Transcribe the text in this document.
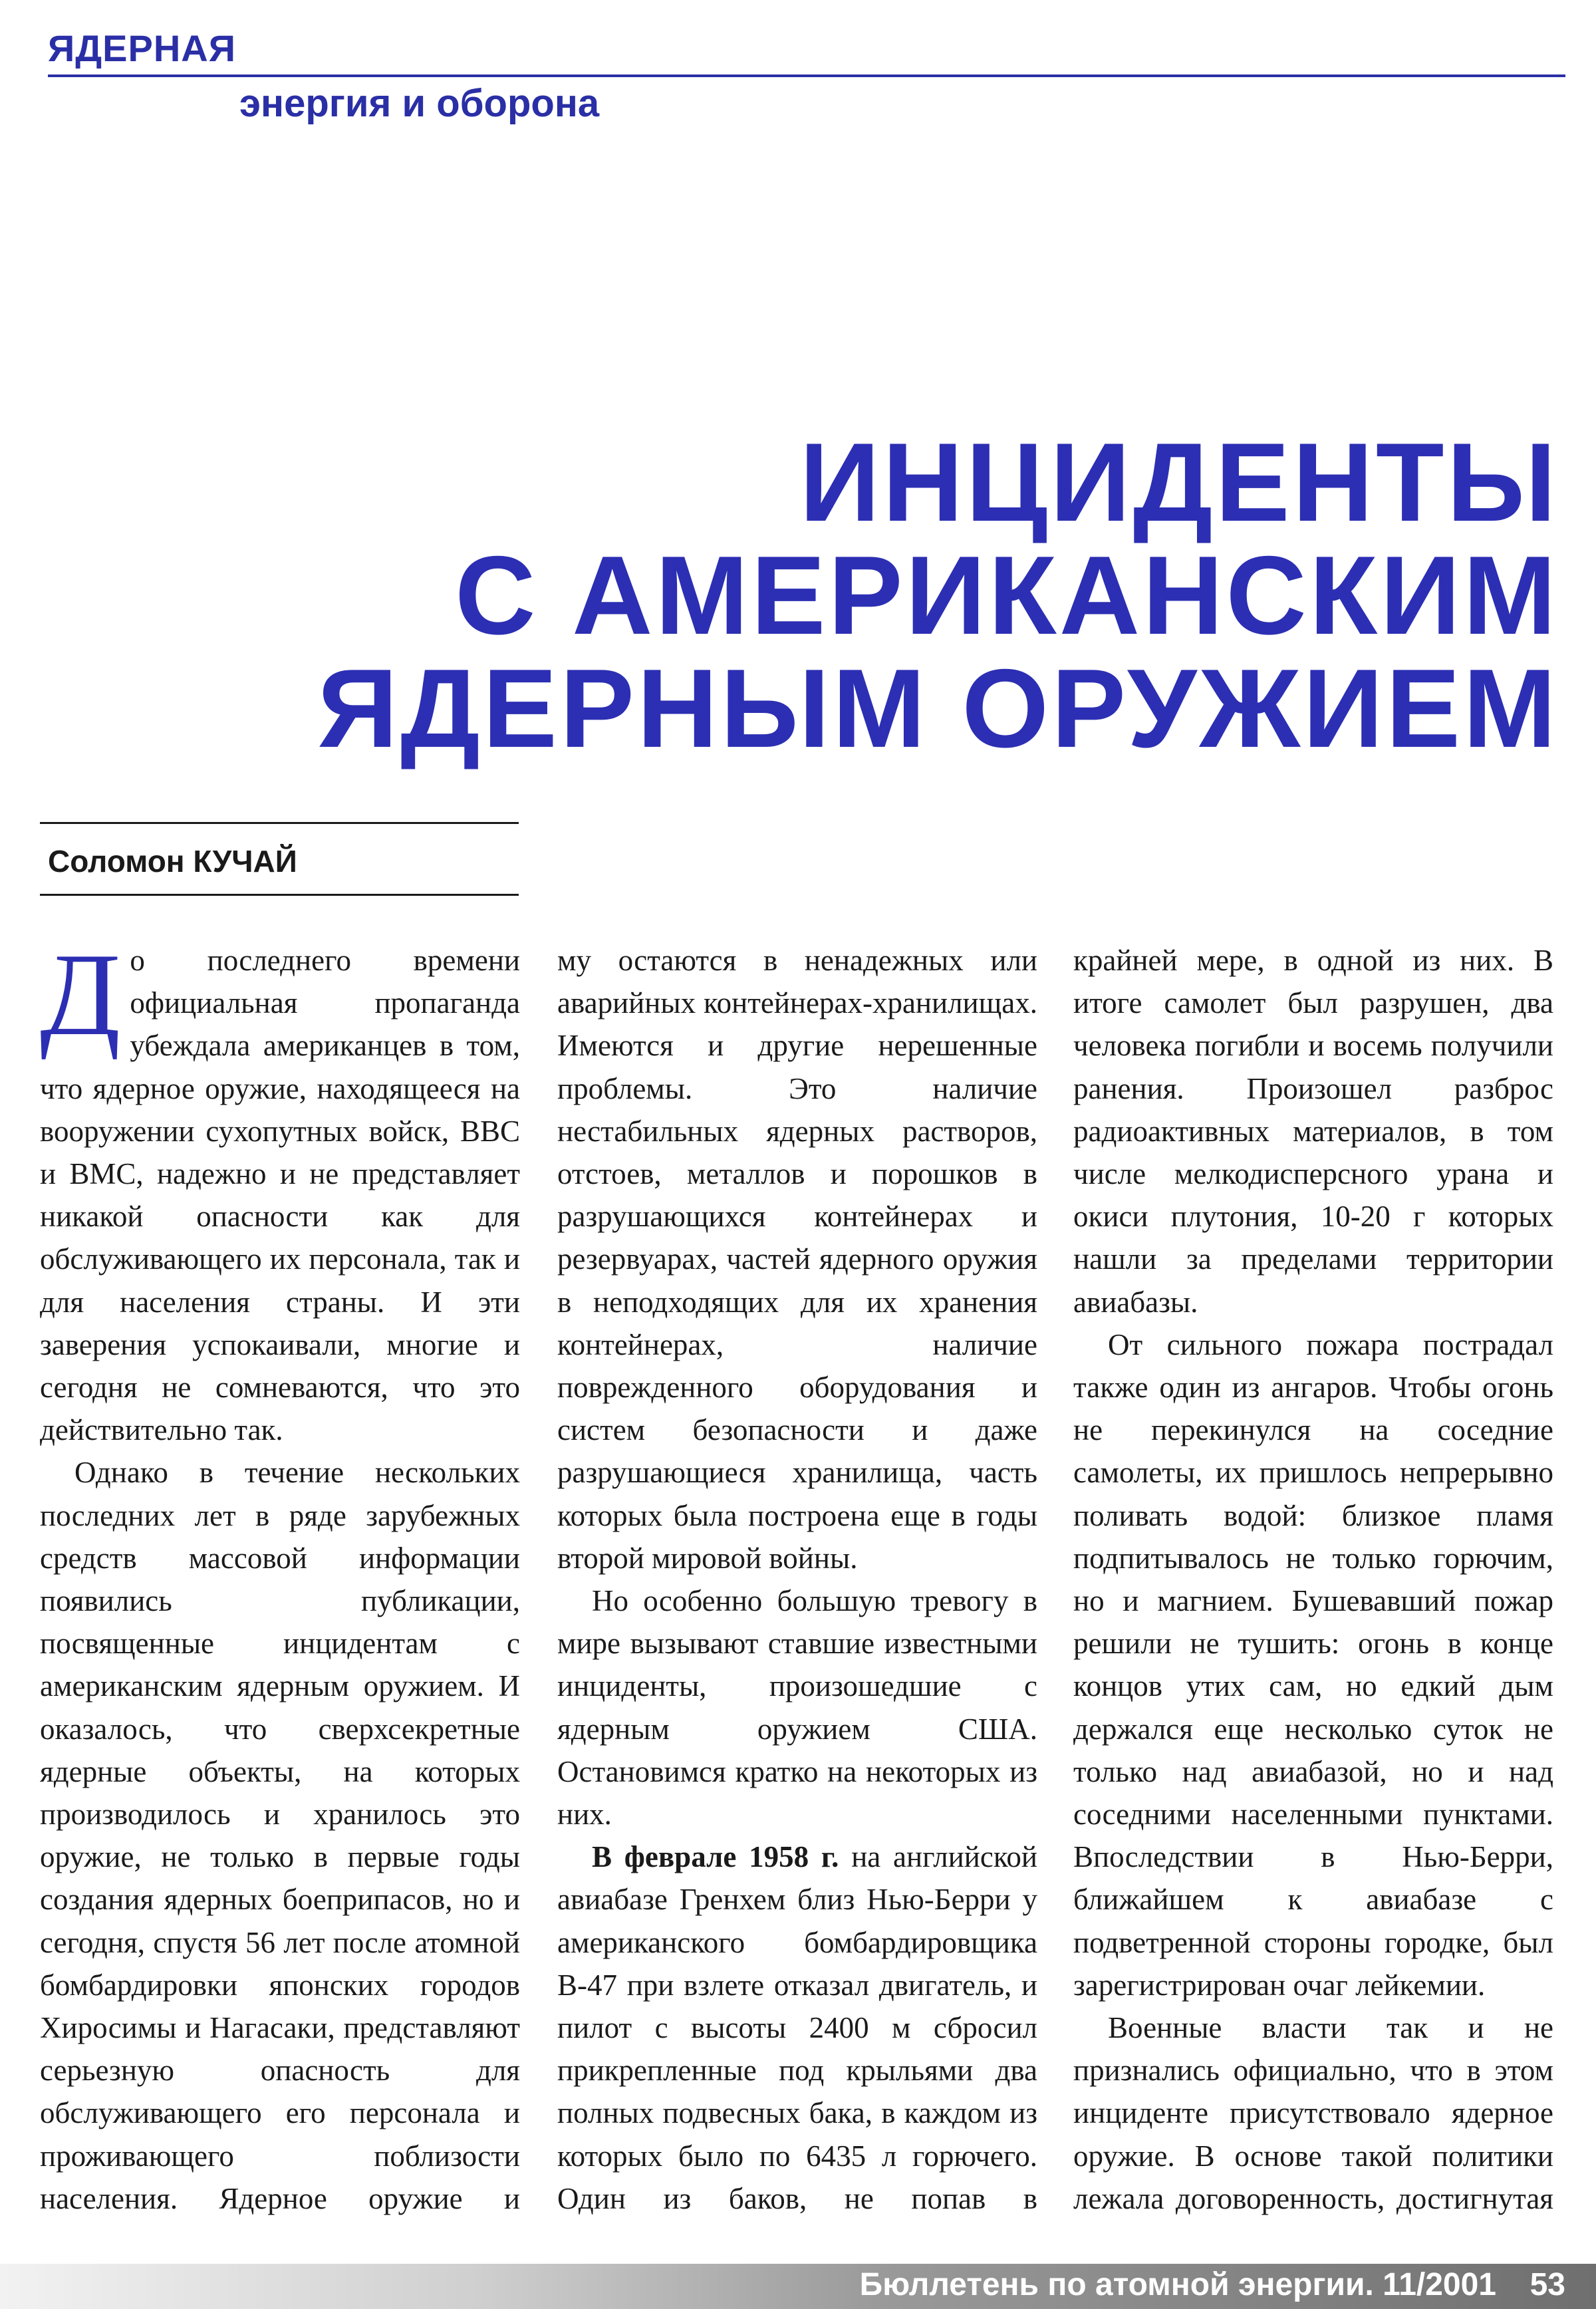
ЯДЕРНАЯ
энергия и оборона
ИНЦИДЕНТЫ
С АМЕРИКАНСКИМ
ЯДЕРНЫМ ОРУЖИЕМ
Соломон КУЧАЙ

До последнего времени официальная пропаганда убеждала американцев в том, что ядерное оружие, находящееся на вооружении сухопутных войск, ВВС и ВМС, надежно и не представляет никакой опасности как для обслуживающего их персонала, так и для населения страны. И эти заверения успокаивали, многие и сегодня не сомневаются, что это действительно так.

Однако в течение нескольких последних лет в ряде зарубежных средств массовой информации появились публикации, посвященные инцидентам с американским ядерным оружием. И оказалось, что сверхсекретные ядерные объекты, на которых производилось и хранилось это оружие, не только в первые годы создания ядерных боеприпасов, но и сегодня, спустя 56 лет после атомной бомбардировки японских городов Хиросимы и Нагасаки, представляют серьезную опасность для обслуживающего его персонала и проживающего поблизости населения. Ядерное оружие и

му остаются в ненадежных или аварийных контейнерах-хранилищах. Имеются и другие нерешенные проблемы. Это наличие нестабильных ядерных растворов, отстоев, металлов и порошков в разрушающихся контейнерах и резервуарах, частей ядерного оружия в неподходящих для их хранения контейнерах, наличие поврежденного оборудования и систем безопасности и даже разрушающиеся хранилища, часть которых была построена еще в годы второй мировой войны.

Но особенно большую тревогу в мире вызывают ставшие известными инциденты, произошедшие с ядерным оружием США. Остановимся кратко на некоторых из них.

В феврале 1958 г. на английской авиабазе Гренхем близ Нью-Берри у американского бомбардировщика В-47 при взлете отказал двигатель, и пилот с высоты 2400 м сбросил прикрепленные под крыльями два полных подвесных бака, в каждом из которых было по 6435 л горючего. Один из баков, не попав в

крайней мере, в одной из них. В итоге самолет был разрушен, два человека погибли и восемь получили ранения. Произошел разброс радиоактивных материалов, в том числе мелкодисперсного урана и окиси плутония, 10-20 г которых нашли за пределами территории авиабазы.

От сильного пожара пострадал также один из ангаров. Чтобы огонь не перекинулся на соседние самолеты, их пришлось непрерывно поливать водой: близкое пламя подпитывалось не только горючим, но и магнием. Бушевавший пожар решили не тушить: огонь в конце концов утих сам, но едкий дым держался еще несколько суток не только над авиабазой, но и над соседними населенными пунктами. Впоследствии в Нью-Берри, ближайшем к авиабазе с подветренной стороны городке, был зарегистрирован очаг лейкемии.

Военные власти так и не признались официально, что в этом инциденте присутствовало ядерное оружие. В основе такой политики лежала договоренность, достигнутая

Бюллетень по атомной энергии. 11/2001 53
